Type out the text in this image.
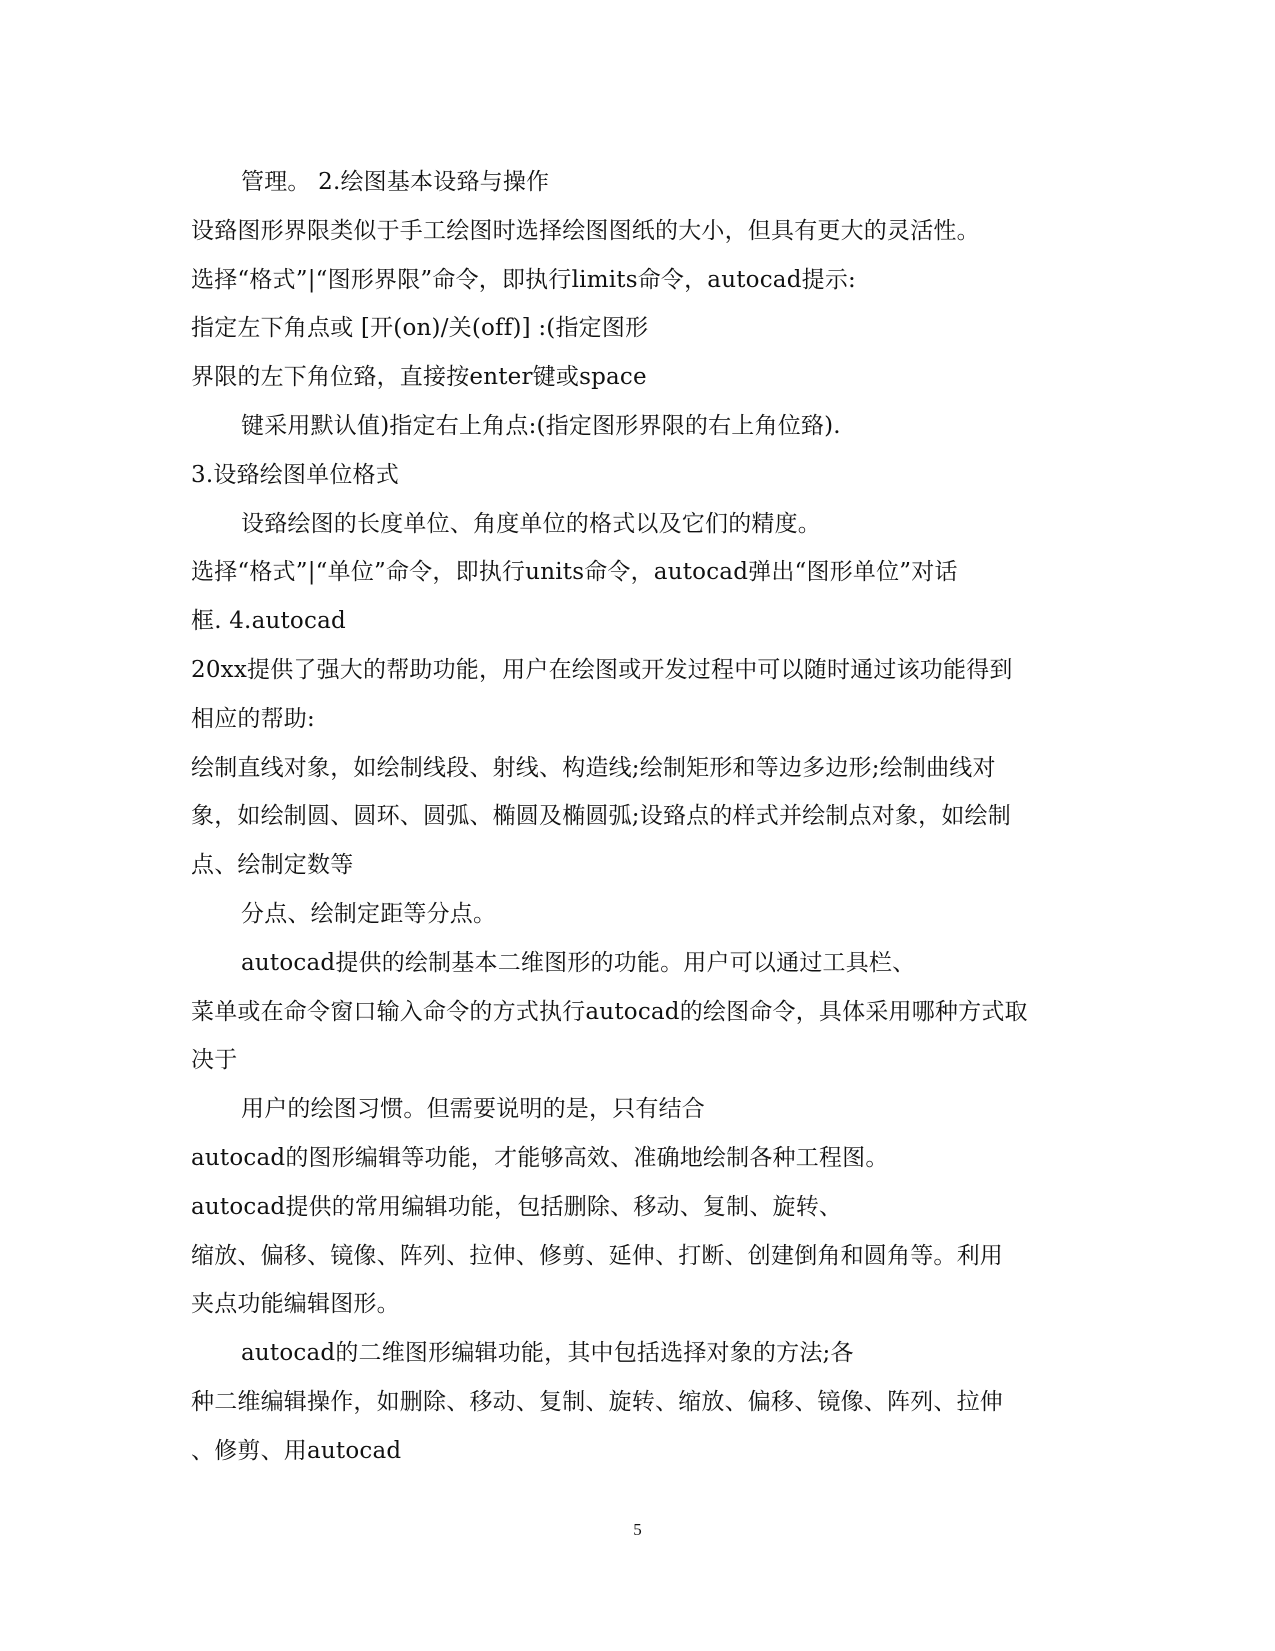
管理。 2.绘图基本设臵与操作
设臵图形界限类似于手工绘图时选择绘图图纸的大小，但具有更大的灵活性。
选择“格式”|“图形界限”命令，即执行limits命令，autocad提示:
指定左下角点或 [开(on)/关(off)] :(指定图形
界限的左下角位臵，直接按enter键或space
键采用默认值)指定右上角点:(指定图形界限的右上角位臵).
3.设臵绘图单位格式
设臵绘图的长度单位、角度单位的格式以及它们的精度。
选择“格式”|“单位”命令，即执行units命令，autocad弹出“图形单位”对话
框. 4.autocad
20xx提供了强大的帮助功能，用户在绘图或开发过程中可以随时通过该功能得到
相应的帮助:
绘制直线对象，如绘制线段、射线、构造线;绘制矩形和等边多边形;绘制曲线对
象，如绘制圆、圆环、圆弧、椭圆及椭圆弧;设臵点的样式并绘制点对象，如绘制
点、绘制定数等
分点、绘制定距等分点。
autocad提供的绘制基本二维图形的功能。用户可以通过工具栏、
菜单或在命令窗口输入命令的方式执行autocad的绘图命令，具体采用哪种方式取
决于
用户的绘图习惯。但需要说明的是，只有结合
autocad的图形编辑等功能，才能够高效、准确地绘制各种工程图。
autocad提供的常用编辑功能，包括删除、移动、复制、旋转、
缩放、偏移、镜像、阵列、拉伸、修剪、延伸、打断、创建倒角和圆角等。利用
夹点功能编辑图形。
autocad的二维图形编辑功能，其中包括选择对象的方法;各
种二维编辑操作，如删除、移动、复制、旋转、缩放、偏移、镜像、阵列、拉伸
、修剪、用autocad
5
